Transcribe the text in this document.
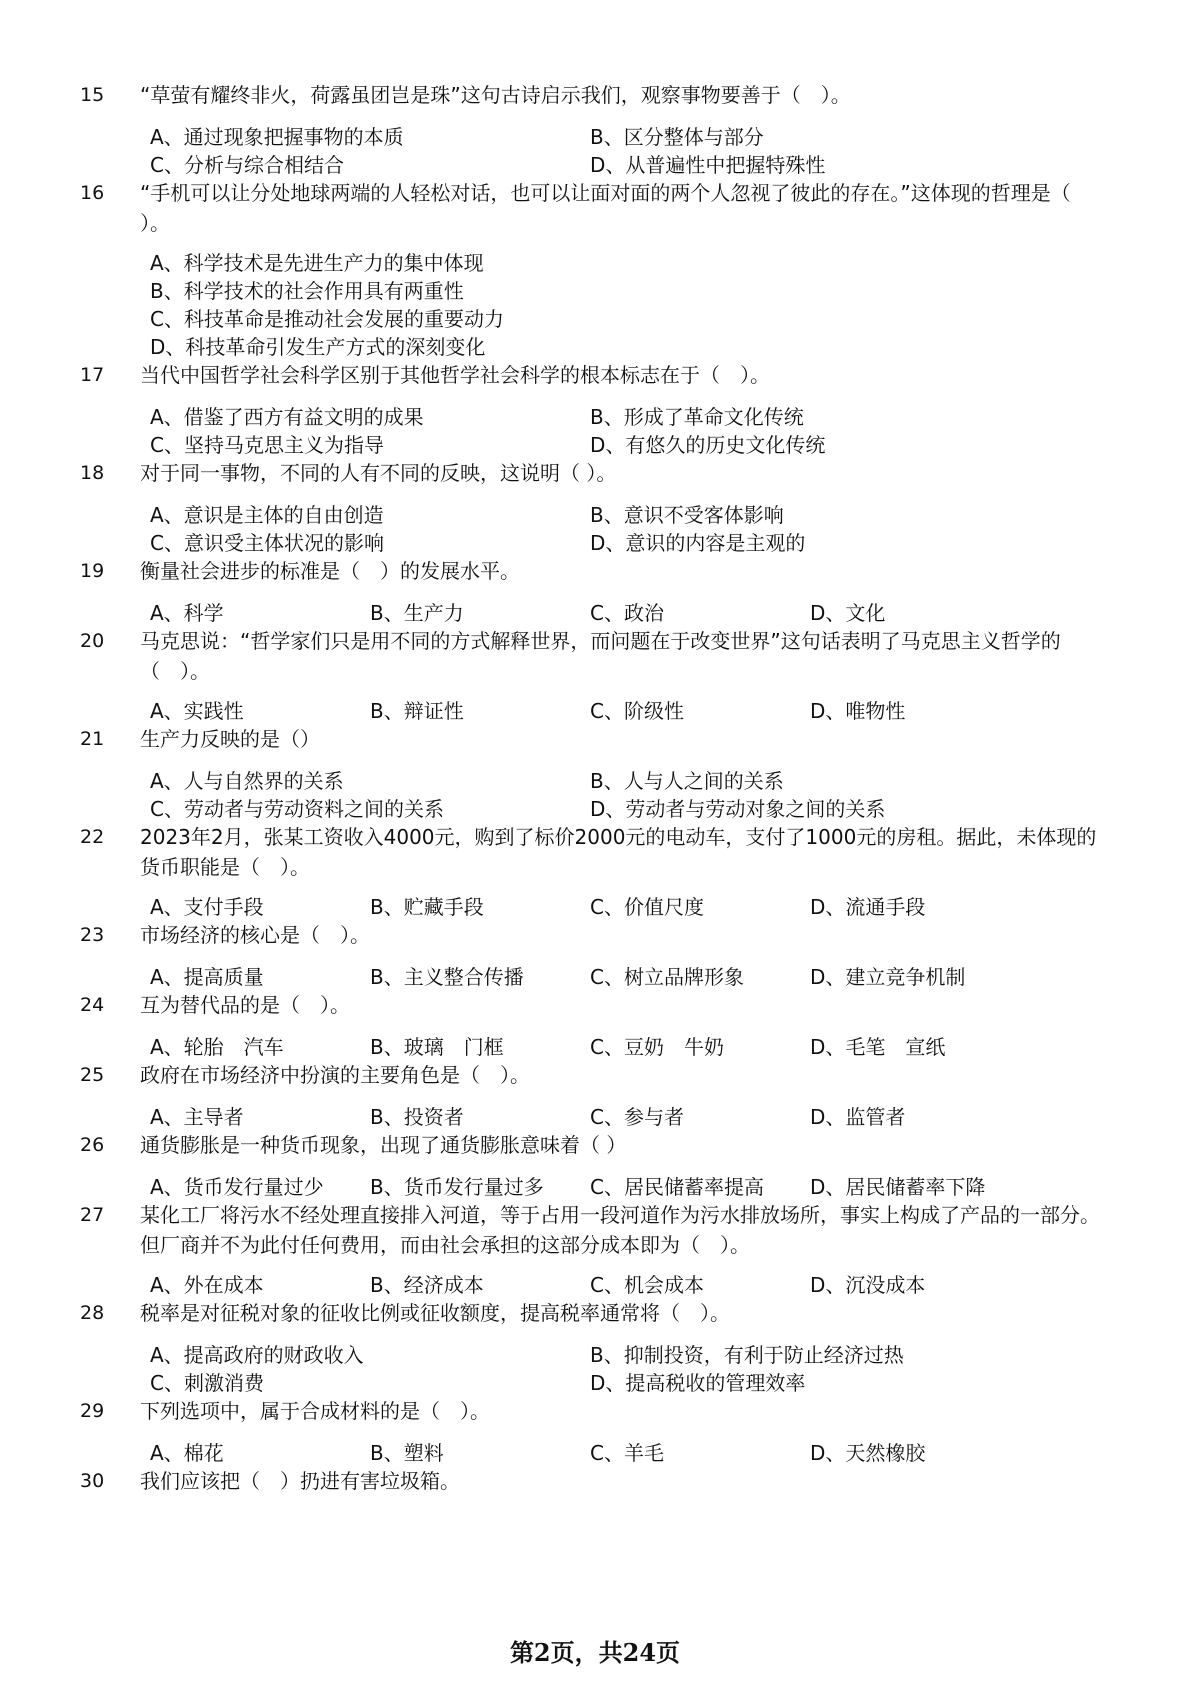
15 “草萤有耀终非火，荷露虽团岂是珠”这句古诗启示我们，观察事物要善于（　）。
A、通过现象把握事物的本质	B、区分整体与部分
C、分析与综合相结合	D、从普遍性中把握特殊性
16 “手机可以让分处地球两端的人轻松对话，也可以让面对面的两个人忽视了彼此的存在。”这体现的哲理是（ ）。
A、科学技术是先进生产力的集中体现
B、科学技术的社会作用具有两重性
C、科技革命是推动社会发展的重要动力
D、科技革命引发生产方式的深刻变化
17 当代中国哲学社会科学区别于其他哲学社会科学的根本标志在于（　）。
A、借鉴了西方有益文明的成果	B、形成了革命文化传统
C、坚持马克思主义为指导	D、有悠久的历史文化传统
18 对于同一事物，不同的人有不同的反映，这说明（ ）。
A、意识是主体的自由创造	B、意识不受客体影响
C、意识受主体状况的影响	D、意识的内容是主观的
19 衡量社会进步的标准是（　）的发展水平。
A、科学	B、生产力	C、政治	D、文化
20 马克思说：“哲学家们只是用不同的方式解释世界，而问题在于改变世界”这句话表明了马克思主义哲学的（　）。
A、实践性	B、辩证性	C、阶级性	D、唯物性
21 生产力反映的是（）
A、人与自然界的关系	B、人与人之间的关系
C、劳动者与劳动资料之间的关系	D、劳动者与劳动对象之间的关系
22 2023年2月，张某工资收入4000元，购到了标价2000元的电动车，支付了1000元的房租。据此，未体现的货币职能是（　）。
A、支付手段	B、贮藏手段	C、价值尺度	D、流通手段
23 市场经济的核心是（　）。
A、提高质量	B、主义整合传播	C、树立品牌形象	D、建立竞争机制
24 互为替代品的是（　）。
A、轮胎　汽车	B、玻璃　门框	C、豆奶　牛奶	D、毛笔　宣纸
25 政府在市场经济中扮演的主要角色是（　）。
A、主导者	B、投资者	C、参与者	D、监管者
26 通货膨胀是一种货币现象，出现了通货膨胀意味着（ ）
A、货币发行量过少 B、货币发行量过多 C、居民储蓄率提高 D、居民储蓄率下降
27 某化工厂将污水不经处理直接排入河道，等于占用一段河道作为污水排放场所，事实上构成了产品的一部分。但厂商并不为此付任何费用，而由社会承担的这部分成本即为（　）。
A、外在成本	B、经济成本	C、机会成本	D、沉没成本
28 税率是对征税对象的征收比例或征收额度，提高税率通常将（　）。
A、提高政府的财政收入	B、抑制投资，有利于防止经济过热
C、刺激消费	D、提高税收的管理效率
29 下列选项中，属于合成材料的是（　）。
A、棉花	B、塑料	C、羊毛	D、天然橡胶
30 我们应该把（　）扔进有害垃圾箱。
第2页，共24页
